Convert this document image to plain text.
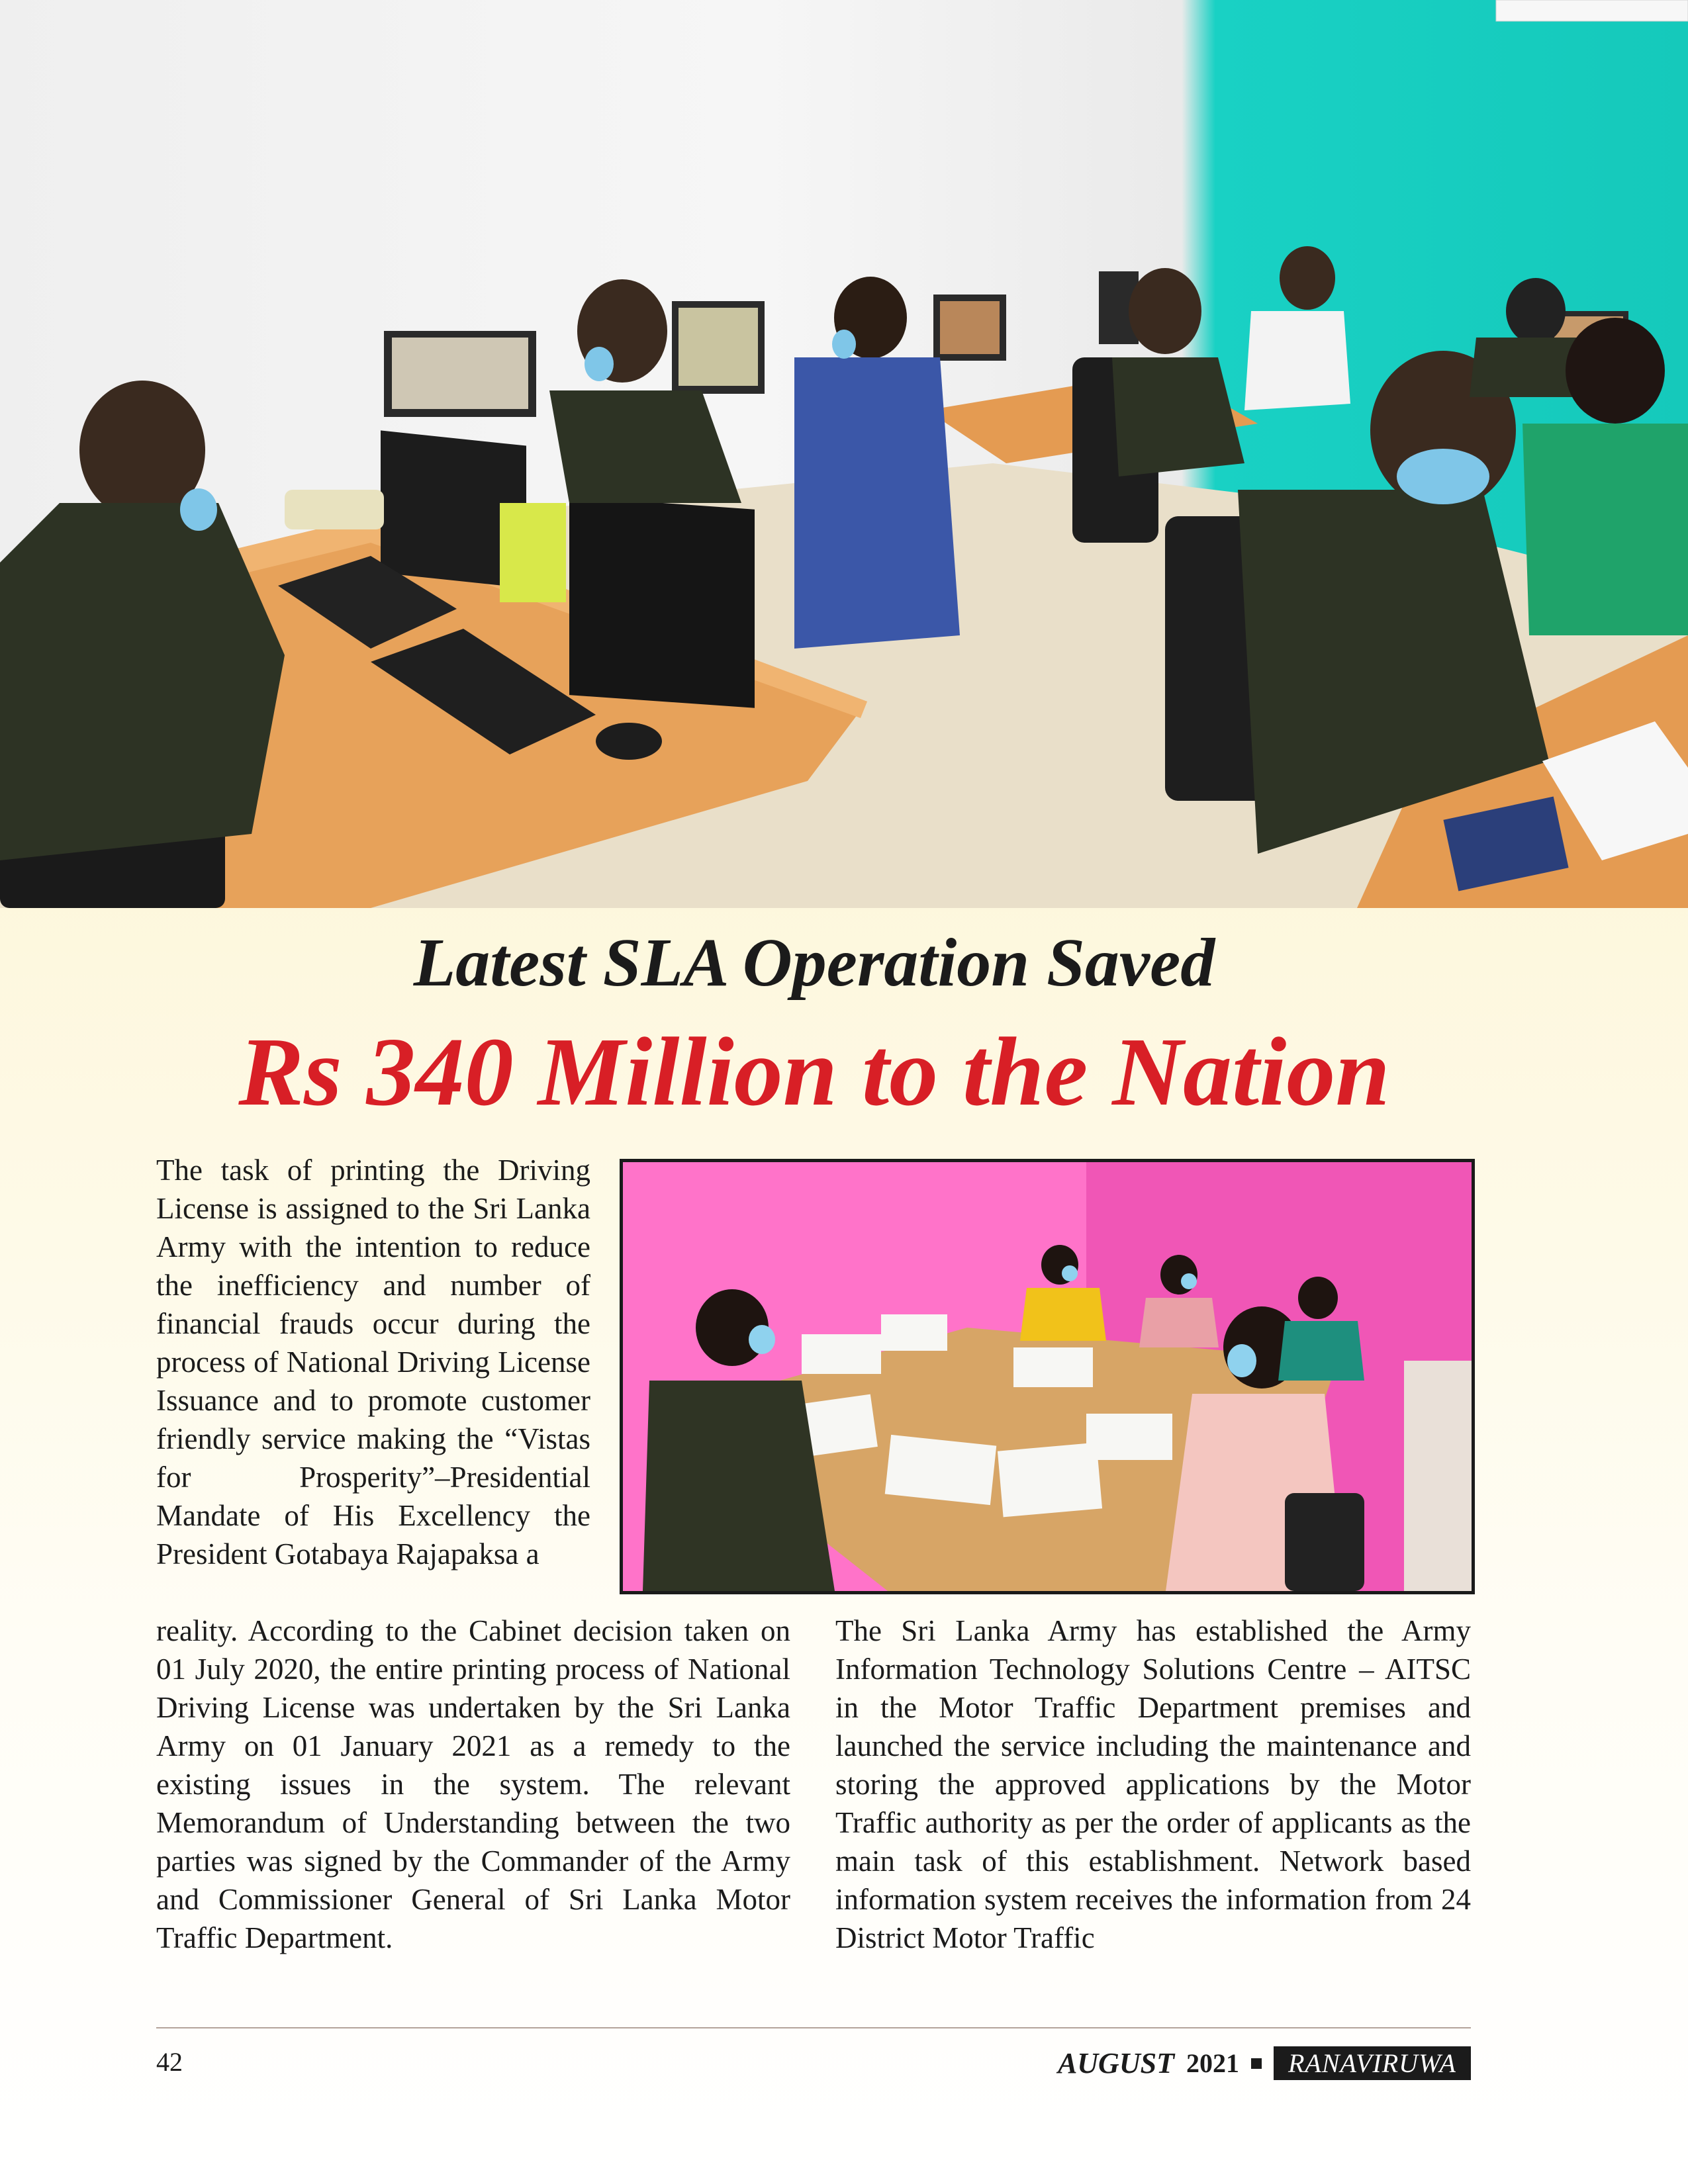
Latest SLA Operation Saved
Rs 340 Million to the Nation

The task of printing the Driving License is assigned to the Sri Lanka Army with the intention to reduce the inefficiency and number of financial frauds occur during the process of National Driving License Issuance and to promote customer friendly service making the “Vistas for Prosperity”–Presidential Mandate of His Excellency the President Gotabaya Rajapaksa a

reality. According to the Cabinet decision taken on 01 July 2020, the entire printing process of National Driving License was undertaken by the Sri Lanka Army on 01 January 2021 as a remedy to the existing issues in the system. The relevant Memorandum of Understanding between the two parties was signed by the Commander of the Army and Commissioner General of Sri Lanka Motor Traffic Department.

The Sri Lanka Army has established the Army Information Technology Solutions Centre – AITSC in the Motor Traffic Department premises and launched the service including the maintenance and storing the approved applications by the Motor Traffic authority as per the order of applicants as the main task of this establishment. Network based information system receives the information from 24 District Motor Traffic

42	AUGUST 2021	RANAVIRUWA
